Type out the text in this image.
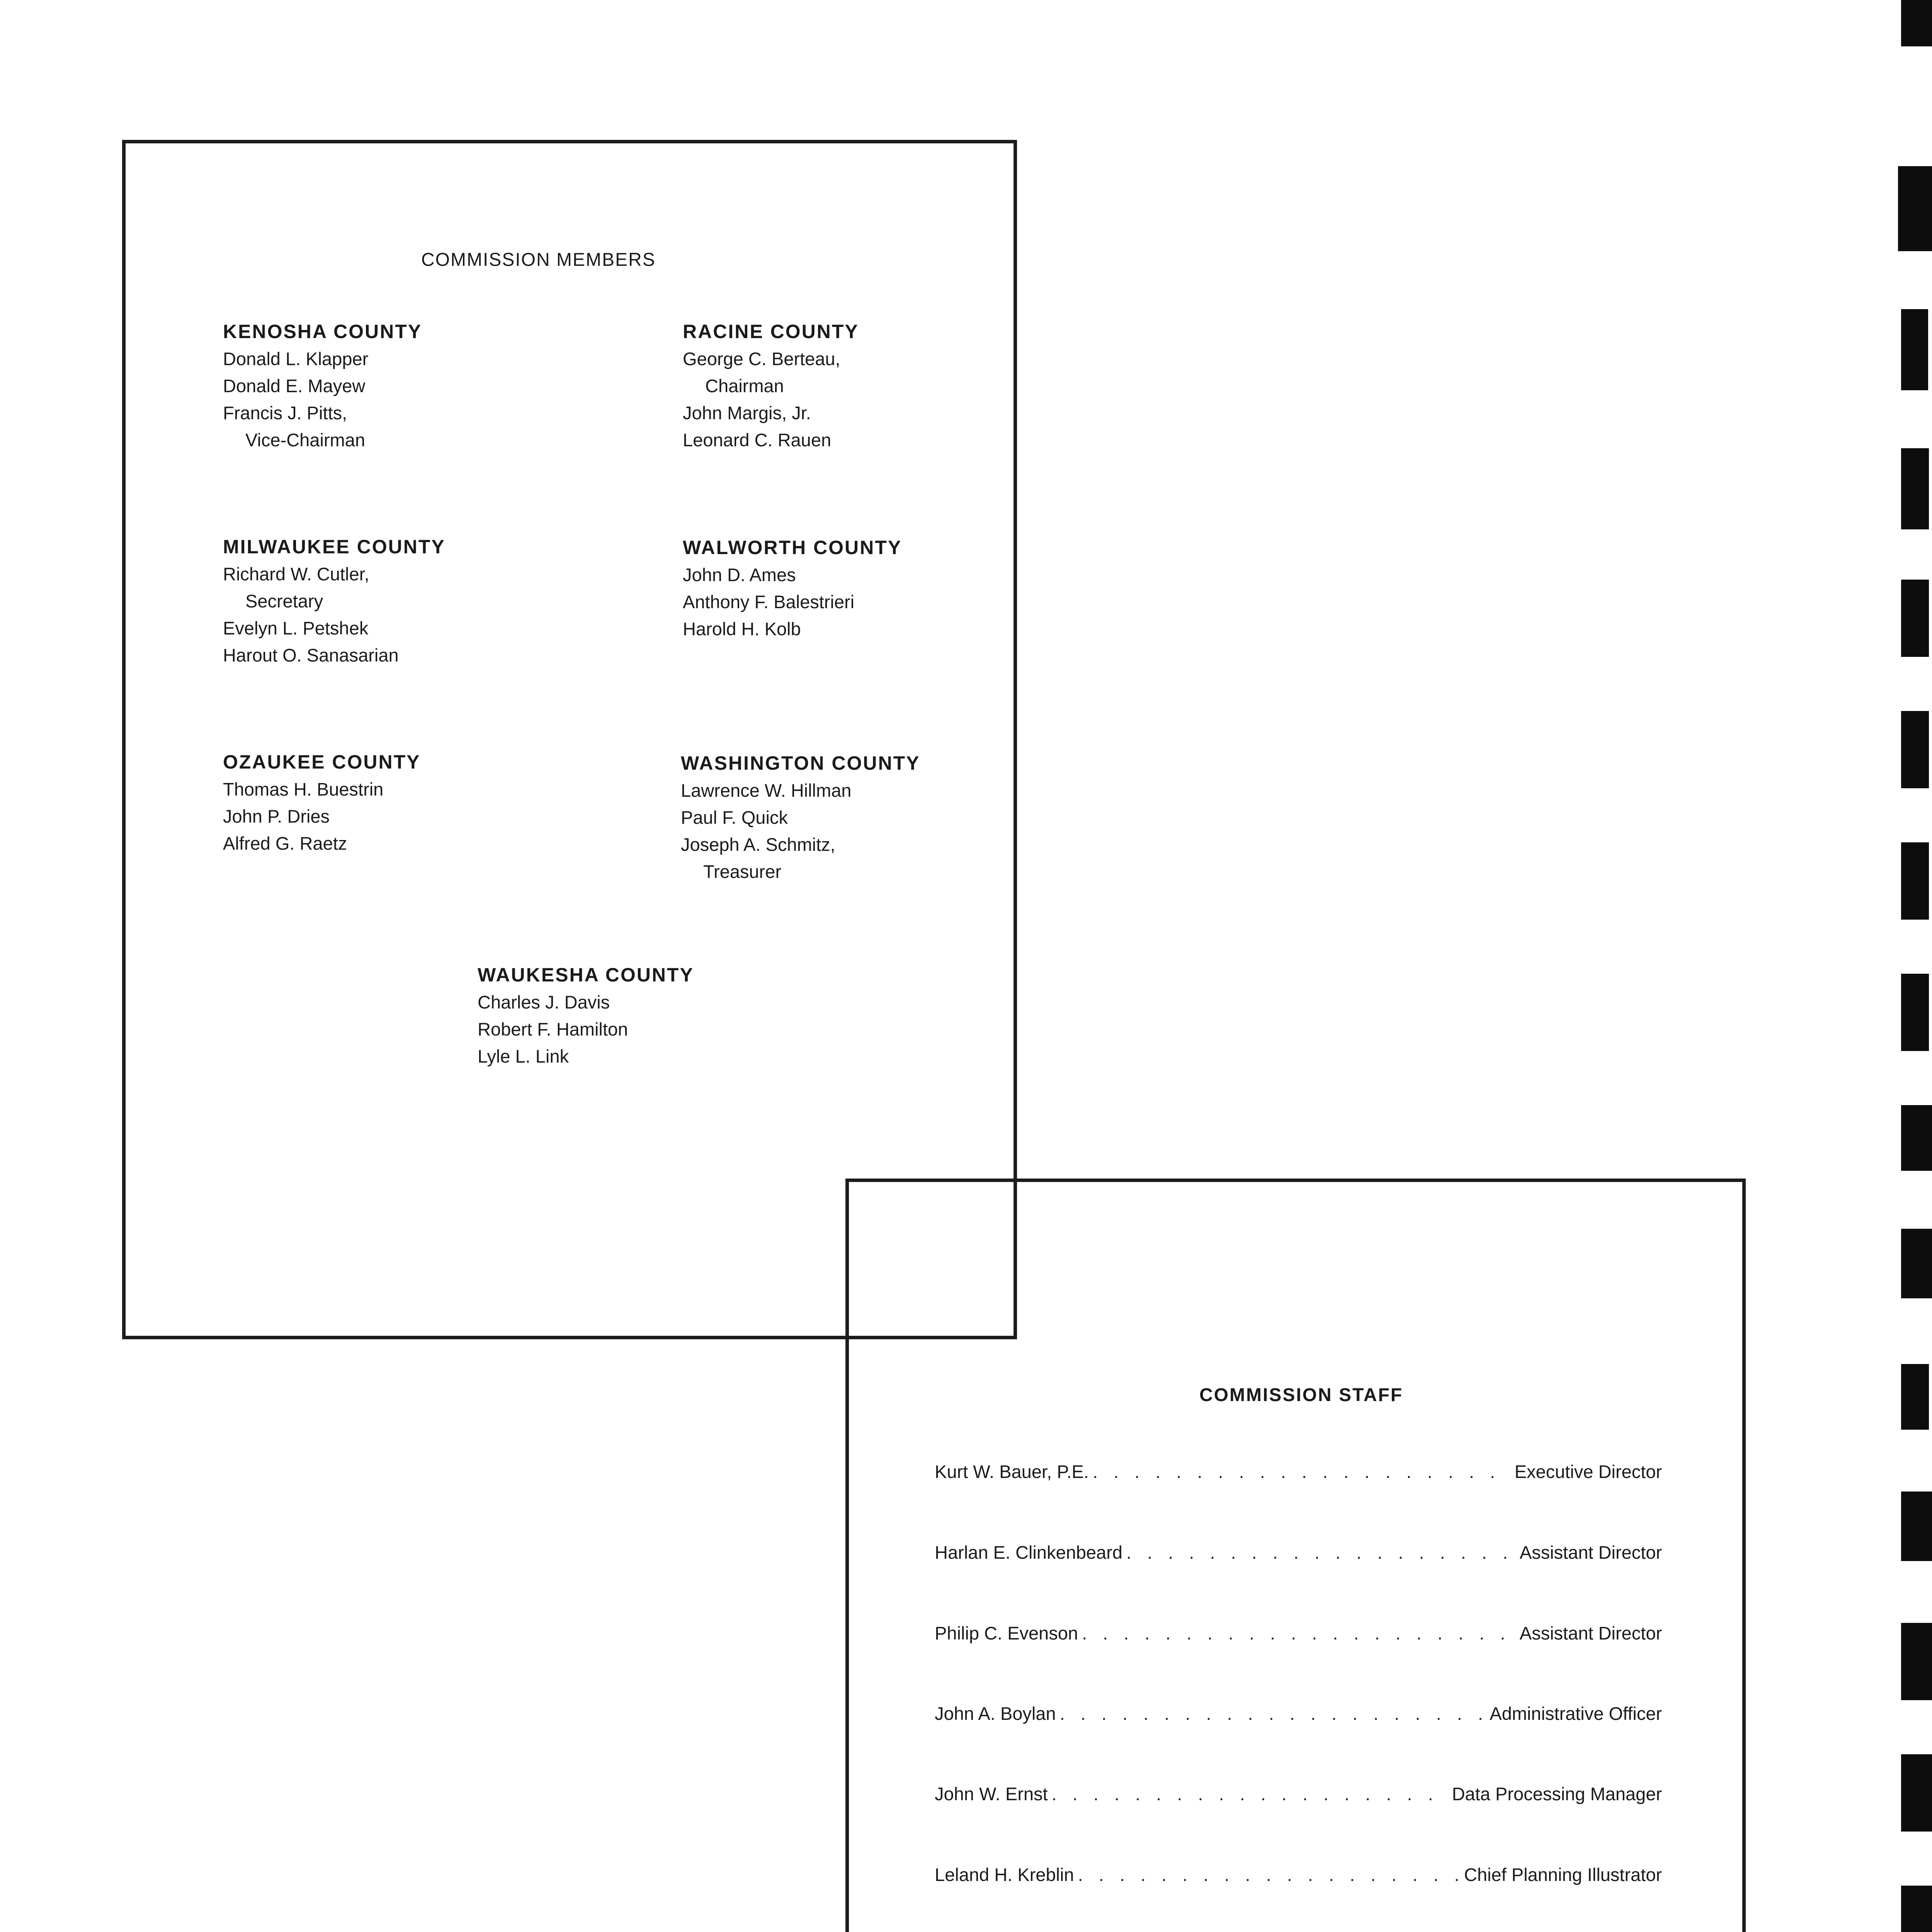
COMMISSION MEMBERS
KENOSHA COUNTY
Donald L. Klapper
Donald E. Mayew
Francis J. Pitts,
Vice-Chairman
RACINE COUNTY
George C. Berteau,
Chairman
John Margis, Jr.
Leonard C. Rauen
MILWAUKEE COUNTY
Richard W. Cutler,
Secretary
Evelyn L. Petshek
Harout O. Sanasarian
WALWORTH COUNTY
John D. Ames
Anthony F. Balestrieri
Harold H. Kolb
OZAUKEE COUNTY
Thomas H. Buestrin
John P. Dries
Alfred G. Raetz
WASHINGTON COUNTY
Lawrence W. Hillman
Paul F. Quick
Joseph A. Schmitz,
Treasurer
WAUKESHA COUNTY
Charles J. Davis
Robert F. Hamilton
Lyle L. Link
COMMISSION STAFF
Kurt W. Bauer, P.E. . . .	Executive Director
Harlan E. Clinkenbeard . . .	Assistant Director
Philip C. Evenson . . .	Assistant Director
John A. Boylan . . .	Administrative Officer
John W. Ernst . . .	Data Processing Manager
Leland H. Kreblin . . .	Chief Planning Illustrator
